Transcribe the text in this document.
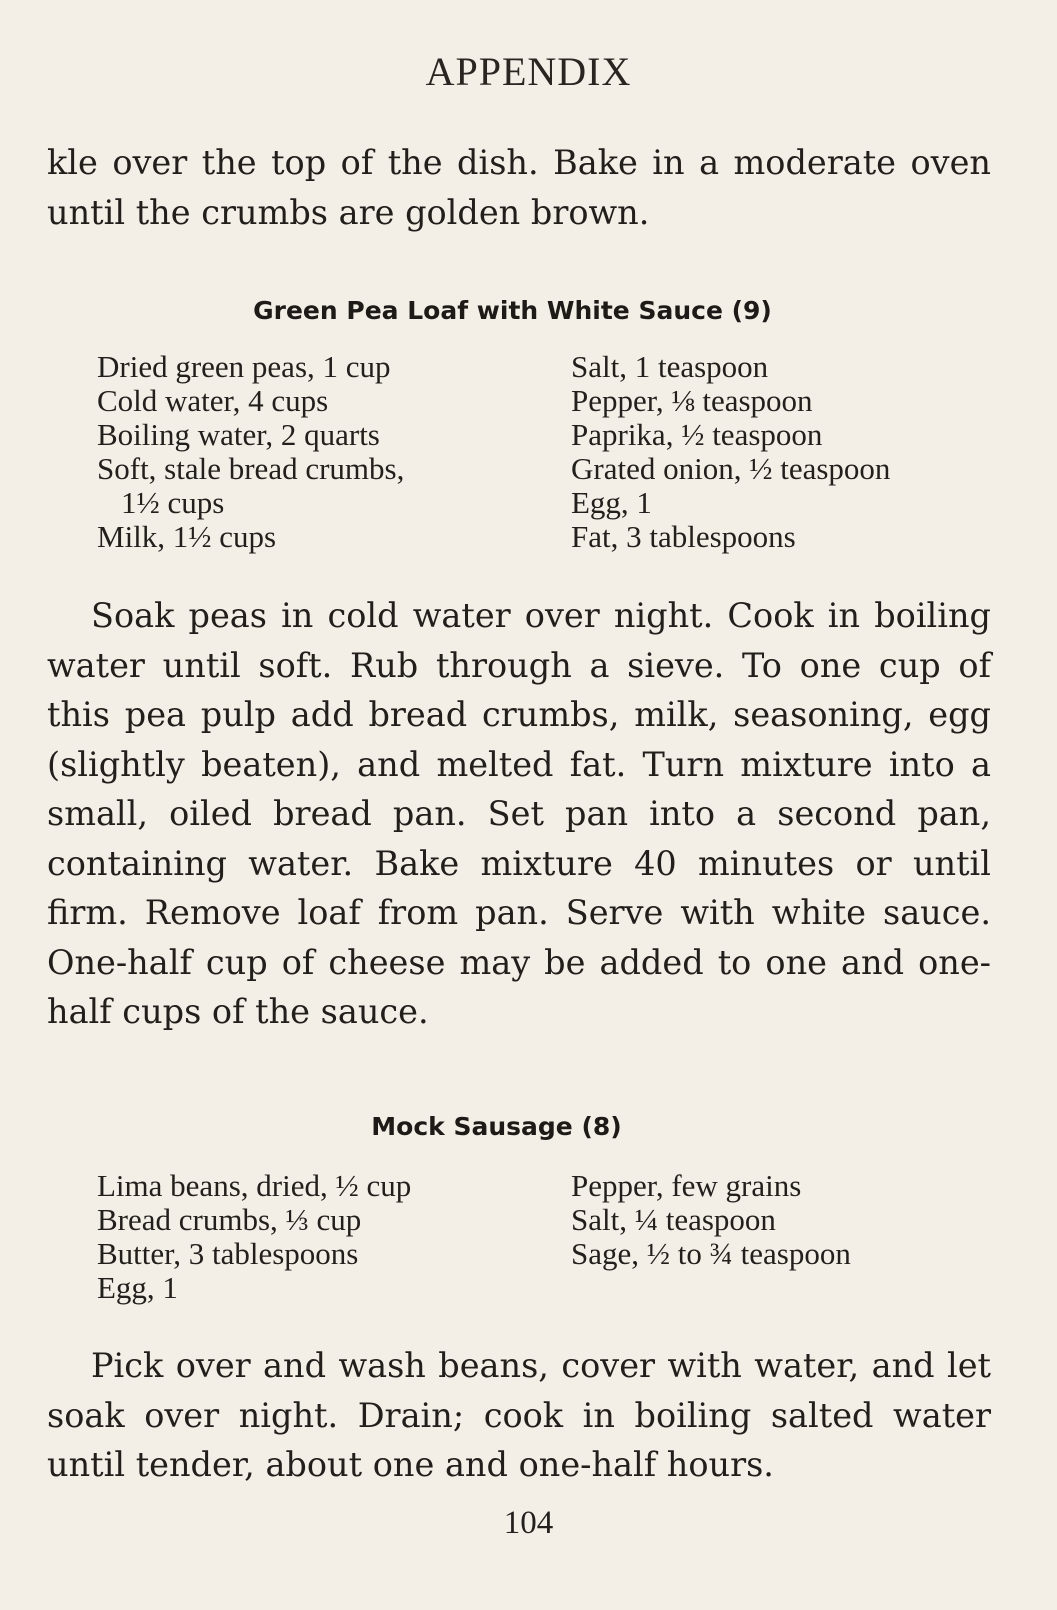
APPENDIX

kle over the top of the dish. Bake in a moderate oven until the crumbs are golden brown.

Green Pea Loaf with White Sauce (9)
Dried green peas, 1 cup
Cold water, 4 cups
Boiling water, 2 quarts
Soft, stale bread crumbs,
1½ cups
Milk, 1½ cups
Salt, 1 teaspoon
Pepper, ⅛ teaspoon
Paprika, ½ teaspoon
Grated onion, ½ teaspoon
Egg, 1
Fat, 3 tablespoons

Soak peas in cold water over night. Cook in boiling water until soft. Rub through a sieve. To one cup of this pea pulp add bread crumbs, milk, seasoning, egg (slightly beaten), and melted fat. Turn mixture into a small, oiled bread pan. Set pan into a second pan, containing water. Bake mixture 40 minutes or until firm. Remove loaf from pan. Serve with white sauce. One-half cup of cheese may be added to one and one-half cups of the sauce.

Mock Sausage (8)
Lima beans, dried, ½ cup
Bread crumbs, ⅓ cup
Butter, 3 tablespoons
Egg, 1
Pepper, few grains
Salt, ¼ teaspoon
Sage, ½ to ¾ teaspoon

Pick over and wash beans, cover with water, and let soak over night. Drain; cook in boiling salted water until tender, about one and one-half hours.

104
